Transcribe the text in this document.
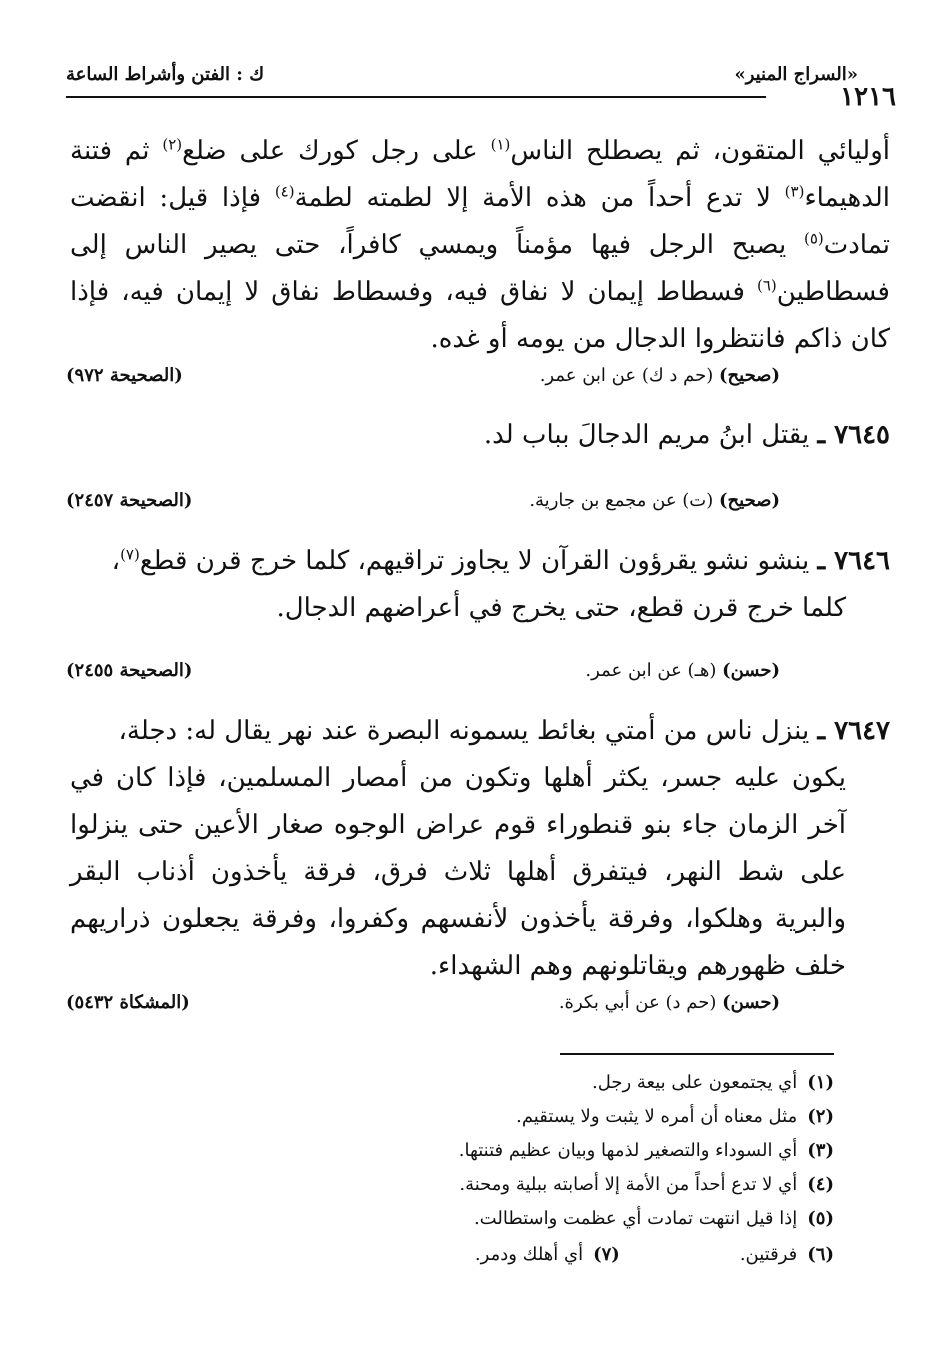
«السراج المنير»
ك : الفتن وأشراط الساعة
١٢١٦
أوليائي المتقون، ثم يصطلح الناس$^{(١)}$ على رجل كورك على ضلع$^{(٢)}$ ثم فتنة الدهيماء$^{(٣)}$ لا تدع أحداً من هذه الأمة إلا لطمته لطمة$^{(٤)}$ فإذا قيل: انقضت تمادت$^{(٥)}$ يصبح الرجل فيها مؤمناً ويمسي كافراً، حتى يصير الناس إلى فسطاطين$^{(٦)}$ فسطاط إيمان لا نفاق فيه، وفسطاط نفاق لا إيمان فيه، فإذا كان ذاكم فانتظروا الدجال من يومه أو غده.
(صحيح) (حم د ك) عن ابن عمر.
(الصحيحة ٩٧٢)
٧٦٤٥ ـ يقتل ابنُ مريم الدجالَ بباب لد.
(صحيح) (ت) عن مجمع بن جارية.
(الصحيحة ٢٤٥٧)
٧٦٤٦ ـ ينشو نشو يقرؤون القرآن لا يجاوز تراقيهم، كلما خرج قرن قطع$^{(٧)}$،
كلما خرج قرن قطع، حتى يخرج في أعراضهم الدجال.
(حسن) (هـ) عن ابن عمر.
(الصحيحة ٢٤٥٥)
٧٦٤٧ ـ ينزل ناس من أمتي بغائط يسمونه البصرة عند نهر يقال له: دجلة،
يكون عليه جسر، يكثر أهلها وتكون من أمصار المسلمين، فإذا كان في آخر الزمان جاء بنو قنطوراء قوم عراض الوجوه صغار الأعين حتى ينزلوا على شط النهر، فيتفرق أهلها ثلاث فرق، فرقة يأخذون أذناب البقر والبرية وهلكوا، وفرقة يأخذون لأنفسهم وكفروا، وفرقة يجعلون ذراريهم خلف ظهورهم ويقاتلونهم وهم الشهداء.
(حسن) (حم د) عن أبي بكرة.
(المشكاة ٥٤٣٢)
(١)أي يجتمعون على بيعة رجل.
(٢)مثل معناه أن أمره لا يثبت ولا يستقيم.
(٣)أي السوداء والتصغير لذمها وبيان عظيم فتنتها.
(٤)أي لا تدع أحداً من الأمة إلا أصابته ببلية ومحنة.
(٥)إذا قيل انتهت تمادت أي عظمت واستطالت.
(٦)فرقتين.(٧)أي أهلك ودمر.
